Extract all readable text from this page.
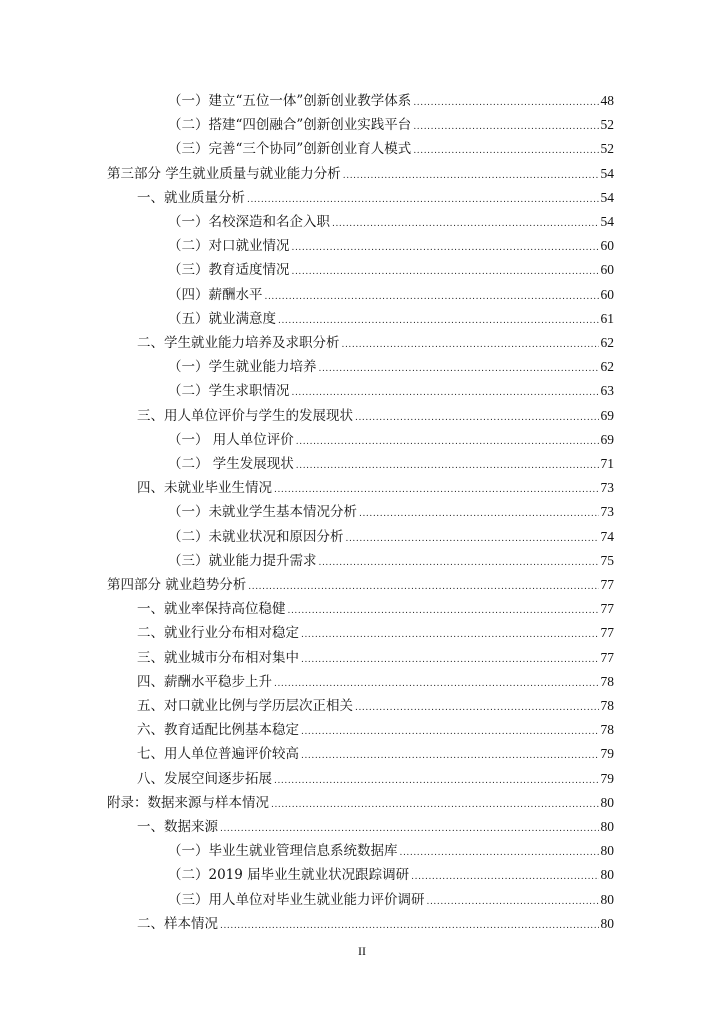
（一）建立“五位一体”创新创业教学体系 .....	48
（二）搭建“四创融合”创新创业实践平台 .....	52
（三）完善“三个协同”创新创业育人模式 .....	52
第三部分 学生就业质量与就业能力分析 .....	54
一、就业质量分析 .....	54
（一）名校深造和名企入职 .....	54
（二）对口就业情况 .....	60
（三）教育适度情况 .....	60
（四）薪酬水平 .....	60
（五）就业满意度 .....	61
二、学生就业能力培养及求职分析 .....	62
（一）学生就业能力培养 .....	62
（二）学生求职情况 .....	63
三、用人单位评价与学生的发展现状 .....	69
（一） 用人单位评价 .....	69
（二） 学生发展现状 .....	71
四、未就业毕业生情况 .....	73
（一）未就业学生基本情况分析 .....	73
（二）未就业状况和原因分析 .....	74
（三）就业能力提升需求 .....	75
第四部分 就业趋势分析 .....	77
一、就业率保持高位稳健 .....	77
二、就业行业分布相对稳定 .....	77
三、就业城市分布相对集中 .....	77
四、薪酬水平稳步上升 .....	78
五、对口就业比例与学历层次正相关 .....	78
六、教育适配比例基本稳定 .....	78
七、用人单位普遍评价较高 .....	79
八、发展空间逐步拓展 .....	79
附录：数据来源与样本情况 .....	80
一、数据来源 .....	80
（一）毕业生就业管理信息系统数据库 .....	80
（二）2019 届毕业生就业状况跟踪调研 .....	80
（三）用人单位对毕业生就业能力评价调研 .....	80
二、样本情况 .....	80
II
